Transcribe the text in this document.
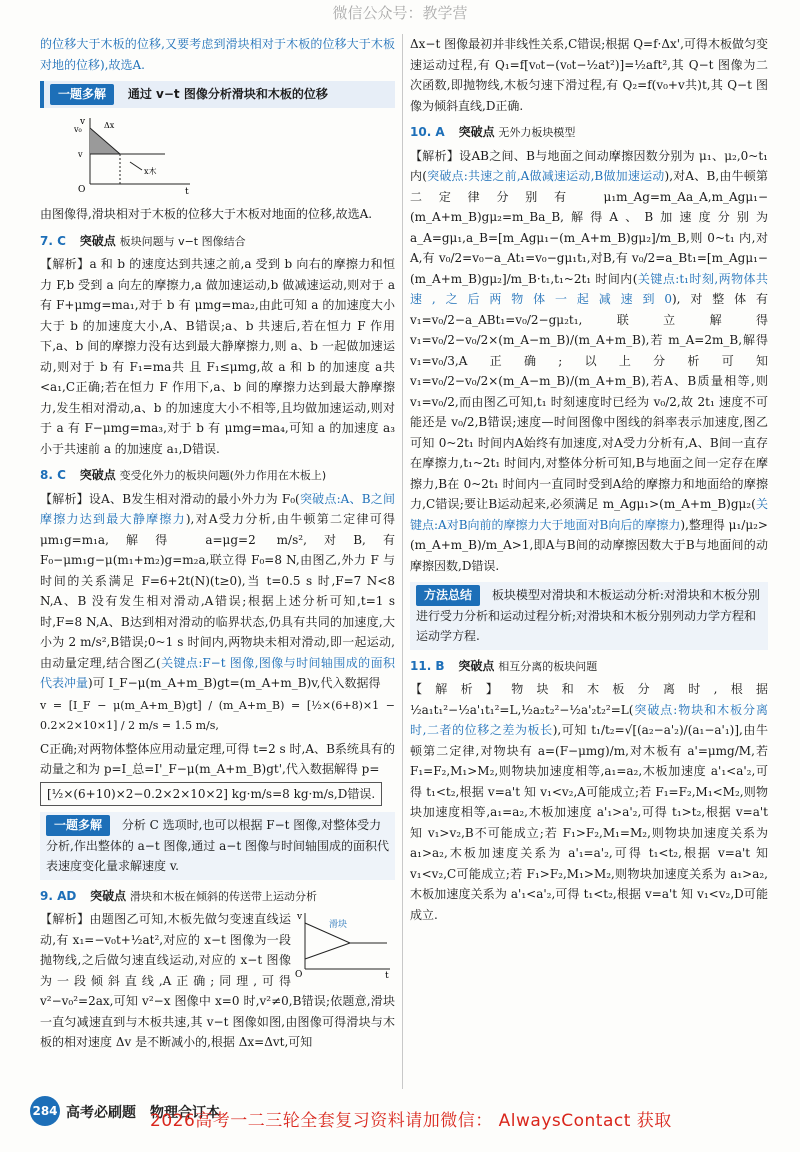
微信公众号：教学营

的位移大于木板的位移,又要考虑到滑块相对于木板的位移大于木板对地的位移),故选A.

一题多解 通过 v−t 图像分析滑块和木板的位移
v
t
O
v₀
v
Δx
x木

由图像得,滑块相对于木板的位移大于木板对地面的位移,故选A.

7. C 突破点 板块问题与 v−t 图像结合

【解析】a 和 b 的速度达到共速之前,a 受到 b 向右的摩擦力和恒力 F,b 受到 a 向左的摩擦力,a 做加速运动,b 做减速运动,则对于 a 有 F+μmg=ma₁,对于 b 有 μmg=ma₂,由此可知 a 的加速度大小大于 b 的加速度大小,A、B错误;a、b 共速后,若在恒力 F 作用下,a、b 间的摩擦力没有达到最大静摩擦力,则 a、b 一起做加速运动,则对于 b 有 F₁=ma共 且 F₁≤μmg,故 a 和 b 的加速度 a共<a₁,C正确;若在恒力 F 作用下,a、b 间的摩擦力达到最大静摩擦力,发生相对滑动,a、b 的加速度大小不相等,且均做加速运动,则对于 a 有 F−μmg=ma₃,对于 b 有 μmg=ma₄,可知 a 的加速度 a₃ 小于共速前 a 的加速度 a₁,D错误.

8. C 突破点 变受化外力的板块问题(外力作用在木板上)

【解析】设A、B发生相对滑动的最小外力为 F₀(突破点:A、B之间摩擦力达到最大静摩擦力),对A受力分析,由牛顿第二定律可得 μm₁g=m₁a,解得 a=μg=2 m/s²,对B,有 F₀−μm₁g−μ(m₁+m₂)g=m₂a,联立得 F₀=8 N,由图乙,外力 F 与时间的关系满足 F=6+2t(N)(t≥0),当 t=0.5 s 时,F=7 N<8 N,A、B 没有发生相对滑动,A错误;根据上述分析可知,t=1 s 时,F=8 N,A、B达到相对滑动的临界状态,仍具有共同的加速度,大小为 2 m/s²,B错误;0~1 s 时间内,两物块未相对滑动,即一起运动,由动量定理,结合图乙(关键点:F−t 图像,图像与时间轴围成的面积代表冲量)可 I_F−μ(m_A+m_B)gt=(m_A+m_B)v,代入数据得

v = [I_F − μ(m_A+m_B)gt] / (m_A+m_B) = [½×(6+8)×1 − 0.2×2×10×1] / 2 m/s = 1.5 m/s,

C正确;对两物体整体应用动量定理,可得 t=2 s 时,A、B系统具有的动量之和为 p=I_总=I'_F−μ(m_A+m_B)gt',代入数据解得 p=

[½×(6+10)×2−0.2×2×10×2] kg·m/s=8 kg·m/s,D错误.

一题多解 分析 C 选项时,也可以根据 F−t 图像,对整体受力分析,作出整体的 a−t 图像,通过 a−t 图像与时间轴围成的面积代表速度变化量求解速度 v.
9. AD 突破点 滑块和木板在倾斜的传送带上运动分析
v
t
O
滑块

【解析】由题图乙可知,木板先做匀变速直线运动,有 x₁=−v₀t+½at²,对应的 x−t 图像为一段抛物线,之后做匀速直线运动,对应的 x−t 图像为一段倾斜直线,A正确;同理,可得 v²−v₀²=2ax,可知 v²−x 图像中 x=0 时,v²≠0,B错误;依题意,滑块一直匀减速直到与木板共速,其 v−t 图像如图,由图像可得滑块与木板的相对速度 Δv 是不断减小的,根据 Δx=Δvt,可知

Δx−t 图像最初并非线性关系,C错误;根据 Q=f·Δx',可得木板做匀变速运动过程,有 Q₁=f[v₀t−(v₀t−½at²)]=½aft²,其 Q−t 图像为二次函数,即抛物线,木板匀速下滑过程,有 Q₂=f(v₀+v共)t,其 Q−t 图像为倾斜直线,D正确.

10. A 突破点 无外力板块模型

【解析】设AB之间、B与地面之间动摩擦因数分别为 μ₁、μ₂,0~t₁ 内(突破点:共速之前,A做减速运动,B做加速运动),对A、B,由牛顿第二定律分别有 μ₁m_Ag=m_Aa_A,m_Agμ₁−(m_A+m_B)gμ₂=m_Ba_B,解得A、B加速度分别为 a_A=gμ₁,a_B=[m_Agμ₁−(m_A+m_B)gμ₂]/m_B,则 0~t₁ 内,对A,有 v₀/2=v₀−a_At₁=v₀−gμ₁t₁,对B,有 v₀/2=a_Bt₁=[m_Agμ₁−(m_A+m_B)gμ₂]/m_B·t₁,t₁~2t₁ 时间内(关键点:t₁时刻,两物体共速,之后两物体一起减速到0),对整体有 v₁=v₀/2−a_ABt₁=v₀/2−gμ₂t₁,联立解得 v₁=v₀/2−v₀/2×(m_A−m_B)/(m_A+m_B),若 m_A=2m_B,解得 v₁=v₀/3,A正确;以上分析可知 v₁=v₀/2−v₀/2×(m_A−m_B)/(m_A+m_B),若A、B质量相等,则 v₁=v₀/2,而由图乙可知,t₁ 时刻速度时已经为 v₀/2,故 2t₁ 速度不可能还是 v₀/2,B错误;速度—时间图像中图线的斜率表示加速度,图乙可知 0~2t₁ 时间内A始终有加速度,对A受力分析有,A、B间一直存在摩擦力,t₁~2t₁ 时间内,对整体分析可知,B与地面之间一定存在摩擦力,B在 0~2t₁ 时间内一直同时受到A给的摩擦力和地面给的摩擦力,C错误;要让B运动起来,必须满足 m_Agμ₁>(m_A+m_B)gμ₂(关键点:A对B向前的摩擦力大于地面对B向后的摩擦力),整理得 μ₁/μ₂>(m_A+m_B)/m_A>1,即A与B间的动摩擦因数大于B与地面间的动摩擦因数,D错误.

方法总结 板块模型对滑块和木板运动分析:对滑块和木板分别进行受力分析和运动过程分析;对滑块和木板分别列动力学方程和运动学方程.
11. B 突破点 相互分离的板块问题

【解析】物块和木板分离时,根据 ½a₁t₁²−½a'₁t₁²=L,½a₂t₂²−½a'₂t₂²=L(突破点:物块和木板分离时,二者的位移之差为板长),可知 t₁/t₂=√[(a₂−a'₂)/(a₁−a'₁)],由牛顿第二定律,对物块有 a=(F−μmg)/m,对木板有 a'=μmg/M,若 F₁=F₂,M₁>M₂,则物块加速度相等,a₁=a₂,木板加速度 a'₁<a'₂,可得 t₁<t₂,根据 v=a't 知 v₁<v₂,A可能成立;若 F₁=F₂,M₁<M₂,则物块加速度相等,a₁=a₂,木板加速度 a'₁>a'₂,可得 t₁>t₂,根据 v=a't 知 v₁>v₂,B不可能成立;若 F₁>F₂,M₁=M₂,则物块加速度关系为 a₁>a₂,木板加速度关系为 a'₁=a'₂,可得 t₁<t₂,根据 v=a't 知 v₁<v₂,C可能成立;若 F₁>F₂,M₁>M₂,则物块加速度关系为 a₁>a₂,木板加速度关系为 a'₁<a'₂,可得 t₁<t₂,根据 v=a't 知 v₁<v₂,D可能成立.

284 高考必刷题　物理合订本
2026高考一二三轮全套复习资料请加微信： AlwaysContact 获取
